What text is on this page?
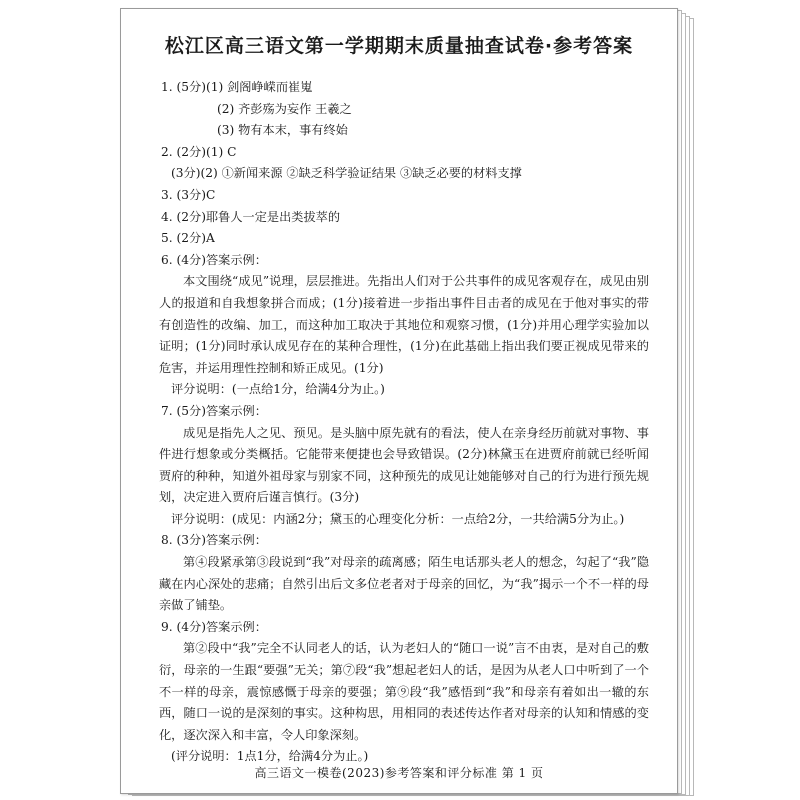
松江区高三语文第一学期期末质量抽查试卷·参考答案
1. (5分)(1) 剑阁峥嵘而崔嵬
(2) 齐彭殇为妄作 王羲之
(3) 物有本末，事有终始
2. (2分)(1) C
(3分)(2) ①新闻来源 ②缺乏科学验证结果 ③缺乏必要的材料支撑
3. (3分)C
4. (2分)耶鲁人一定是出类拔萃的
5. (2分)A
6. (4分)答案示例：
本文围绕“成见”说理，层层推进。先指出人们对于公共事件的成见客观存在，成见由别人的报道和自我想象拼合而成；(1分)接着进一步指出事件目击者的成见在于他对事实的带有创造性的改编、加工，而这种加工取决于其地位和观察习惯，(1分)并用心理学实验加以证明；(1分)同时承认成见存在的某种合理性，(1分)在此基础上指出我们要正视成见带来的危害，并运用理性控制和矫正成见。(1分)
评分说明：(一点给1分，给满4分为止。)
7. (5分)答案示例：
成见是指先人之见、预见。是头脑中原先就有的看法，使人在亲身经历前就对事物、事件进行想象或分类概括。它能带来便捷也会导致错误。(2分)林黛玉在进贾府前就已经听闻贾府的种种，知道外祖母家与别家不同，这种预先的成见让她能够对自己的行为进行预先规划，决定进入贾府后谨言慎行。(3分)
评分说明：(成见：内涵2分；黛玉的心理变化分析：一点给2分，一共给满5分为止。)
8. (3分)答案示例：
第④段紧承第③段说到“我”对母亲的疏离感；陌生电话那头老人的想念，勾起了“我”隐藏在内心深处的悲痛；自然引出后文多位老者对于母亲的回忆，为“我”揭示一个不一样的母亲做了铺垫。
9. (4分)答案示例：
第②段中“我”完全不认同老人的话，认为老妇人的“随口一说”言不由衷，是对自己的敷衍，母亲的一生跟“要强”无关；第⑦段“我”想起老妇人的话，是因为从老人口中听到了一个不一样的母亲，震惊感慨于母亲的要强；第⑨段“我”感悟到“我”和母亲有着如出一辙的东西，随口一说的是深刻的事实。这种构思，用相同的表述传达作者对母亲的认知和情感的变化，逐次深入和丰富，令人印象深刻。
(评分说明：1点1分，给满4分为止。)
高三语文一模卷(2023)参考答案和评分标准 第 1 页
